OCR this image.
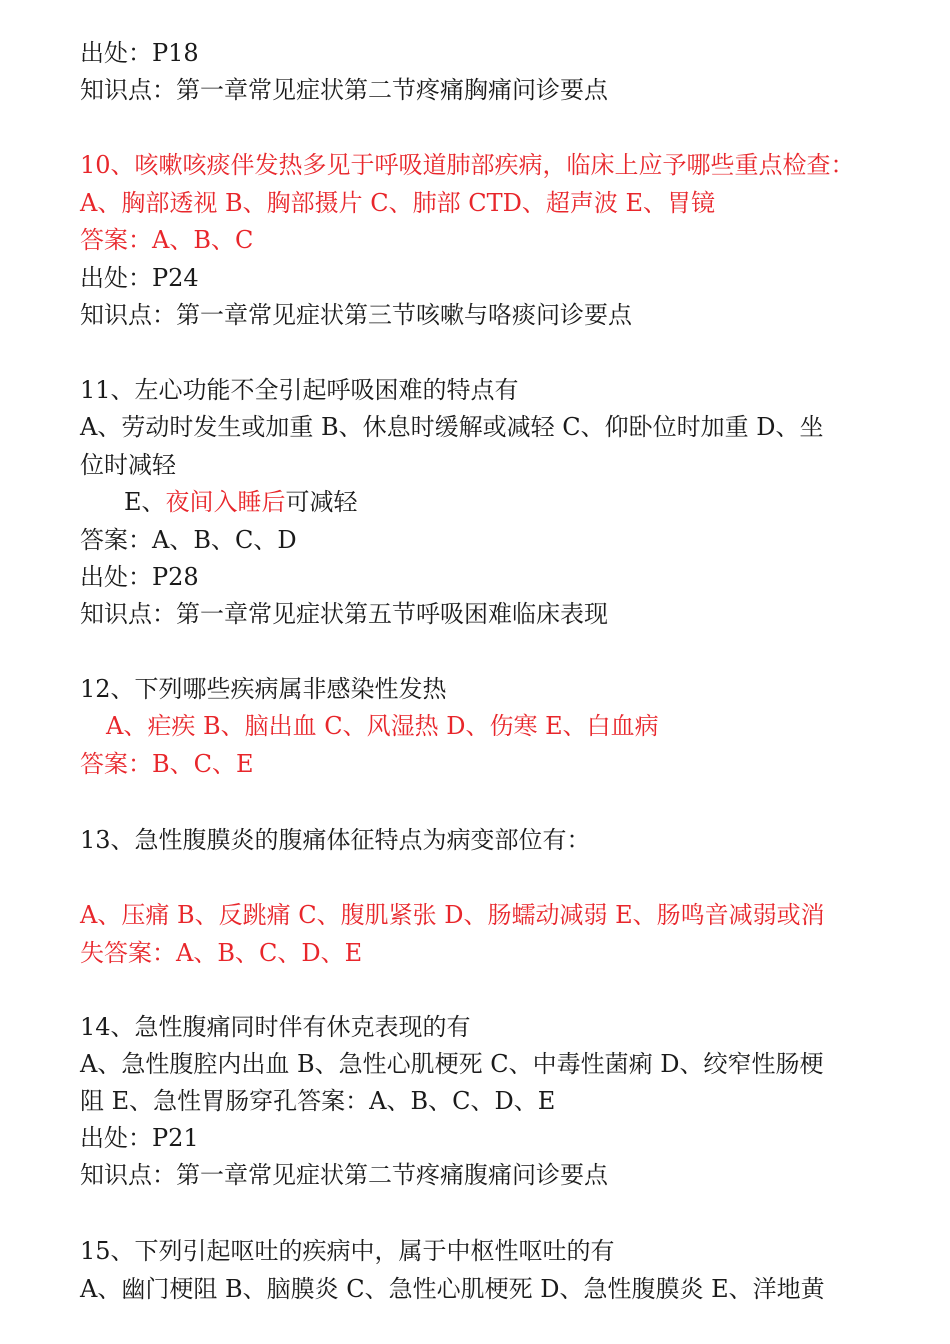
出处：P18
知识点：第一章常见症状第二节疼痛胸痛问诊要点
10、咳嗽咳痰伴发热多见于呼吸道肺部疾病，临床上应予哪些重点检查：
A、胸部透视 B、胸部摄片 C、肺部 CTD、超声波 E、胃镜
答案：A、B、C
出处：P24
知识点：第一章常见症状第三节咳嗽与咯痰问诊要点
11、左心功能不全引起呼吸困难的特点有
A、劳动时发生或加重 B、休息时缓解或减轻 C、仰卧位时加重 D、坐
位时减轻
E、夜间入睡后可减轻
答案：A、B、C、D
出处：P28
知识点：第一章常见症状第五节呼吸困难临床表现
12、下列哪些疾病属非感染性发热
A、疟疾 B、脑出血 C、风湿热 D、伤寒 E、白血病
答案：B、C、E
13、急性腹膜炎的腹痛体征特点为病变部位有：
A、压痛 B、反跳痛 C、腹肌紧张 D、肠蠕动减弱 E、肠鸣音减弱或消
失答案：A、B、C、D、E
14、急性腹痛同时伴有休克表现的有
A、急性腹腔内出血 B、急性心肌梗死 C、中毒性菌痢 D、绞窄性肠梗
阻 E、急性胃肠穿孔答案：A、B、C、D、E
出处：P21
知识点：第一章常见症状第二节疼痛腹痛问诊要点
15、下列引起呕吐的疾病中，属于中枢性呕吐的有
A、幽门梗阻 B、脑膜炎 C、急性心肌梗死 D、急性腹膜炎 E、洋地黄
